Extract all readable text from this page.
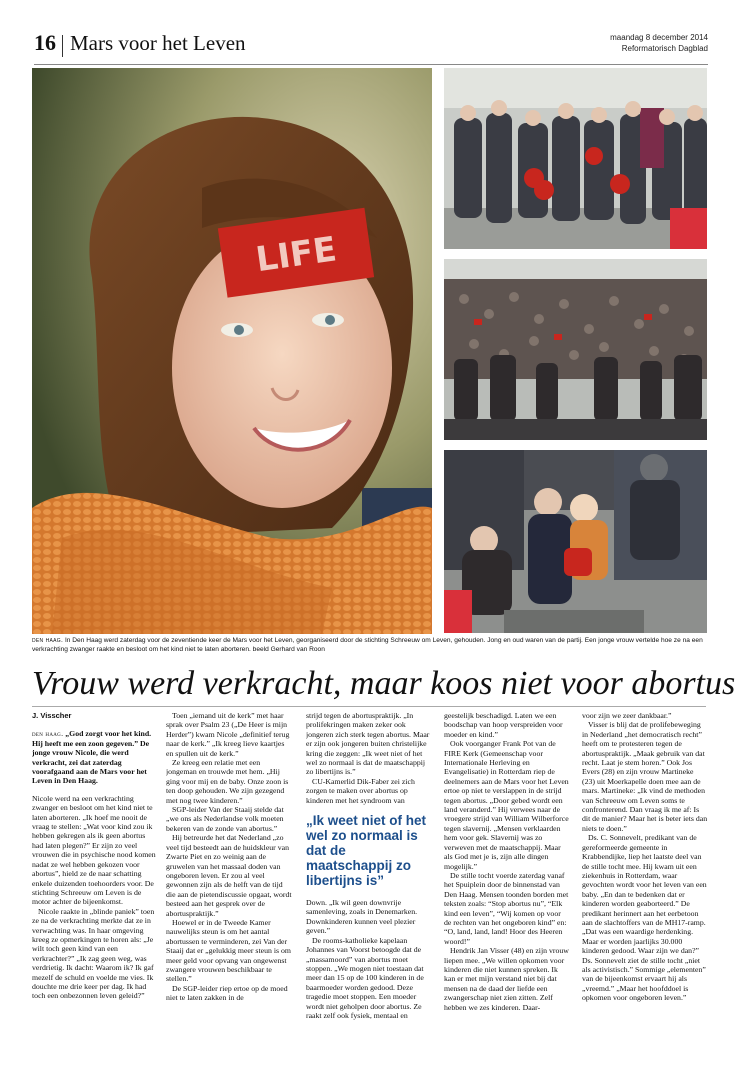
16 Mars voor het Leven	maandag 8 december 2014
Reformatorisch Dagblad
LIFE
den haag. In Den Haag werd zaterdag voor de zeventiende keer de Mars voor het Leven, georganiseerd door de stichting Schreeuw om Leven, gehouden. Jong en oud waren van de partij. Een jonge vrouw vertelde hoe ze na een verkrachting zwanger raakte en besloot om het kind niet te laten aborteren. beeld Gerhard van Roon
Vrouw werd verkracht, maar koos niet voor abortus
J. Visscher

den haag. „God zorgt voor het kind. Hij heeft me een zoon gegeven.” De jonge vrouw Nicole, die werd verkracht, zei dat zaterdag voorafgaand aan de Mars voor het Leven in Den Haag.

Nicole werd na een verkrachting zwanger en besloot om het kind niet te laten aborteren. „Ik hoef me nooit de vraag te stellen: „Wat voor kind zou ik hebben gekregen als ik geen abortus had laten plegen?” Er zijn zo veel vrouwen die in psychische nood komen nadat ze wel hebben gekozen voor abortus”, hield ze de naar schatting enkele duizenden toehoorders voor. De stichting Schreeuw om Leven is de motor achter de bijeenkomst.

Nicole raakte in „blinde paniek” toen ze na de verkrachting merkte dat ze in verwachting was. In haar omgeving kreeg ze opmerkingen te horen als: „Je wilt toch geen kind van een verkrachter?” „Ik zag geen weg, was verdrietig. Ik dacht: Waarom ik? Ik gaf mezelf de schuld en voelde me vies. Ik douchte me drie keer per dag. Ik had toch een onbezonnen leven geleid?”

Toen „iemand uit de kerk” met haar sprak over Psalm 23 („De Heer is mijn Herder”) kwam Nicole „definitief terug naar de kerk.” „Ik kreeg lieve kaartjes en spullen uit de kerk.”

Ze kreeg een relatie met een jongeman en trouwde met hem. „Hij ging voor mij en de baby. Onze zoon is ten doop gehouden. We zijn gezegend met nog twee kinderen.”

SGP-leider Van der Staaij stelde dat „we ons als Nederlandse volk moeten bekeren van de zonde van abortus.”

Hij betreurde het dat Nederland „zo veel tijd besteedt aan de huidskleur van Zwarte Piet en zo weinig aan de gruwelen van het massaal doden van ongeboren leven. Er zou al veel gewonnen zijn als de helft van de tijd die aan de pietendiscussie opgaat, wordt besteed aan het gesprek over de abortuspraktijk.”

Hoewel er in de Tweede Kamer nauwelijks steun is om het aantal abortussen te verminderen, zei Van der Staaij dat er „gelukkig meer steun is om meer geld voor opvang van ongewenst zwangere vrouwen beschikbaar te stellen.”

De SGP-leider riep ertoe op de moed niet te laten zakken in de

strijd tegen de abortuspraktijk. „In prolifekringen maken zeker ook jongeren zich sterk tegen abortus. Maar er zijn ook jongeren buiten christelijke kring die zeggen: „Ik weet niet of het wel zo normaal is dat de maatschappij zo libertijns is.”

CU-Kamerlid Dik-Faber zei zich zorgen te maken over abortus op kinderen met het syndroom van

„Ik weet niet of het wel zo normaal is dat de maatschappij zo libertijns is”

Down. „Ik wil geen downvrije samenleving, zoals in Denemarken. Downkinderen kunnen veel plezier geven.”

De rooms-katholieke kapelaan Johannes van Voorst betoogde dat de „massamoord” van abortus moet stoppen. „We mogen niet toestaan dat meer dan 15 op de 100 kinderen in de baarmoeder worden gedood. Deze tragedie moet stoppen. Een moeder wordt niet geholpen door abortus. Ze raakt zelf ook fysiek, mentaal en

geestelijk beschadigd. Laten we een boodschap van hoop verspreiden voor moeder en kind.”

Ook voorganger Frank Pot van de FIRE Kerk (Gemeenschap voor Internationale Herleving en Evangelisatie) in Rotterdam riep de deelnemers aan de Mars voor het Leven ertoe op niet te verslappen in de strijd tegen abortus. „Door gebed wordt een land veranderd.” Hij verwees naar de vroegere strijd van William Wilberforce tegen slavernij. „Mensen verklaarden hem voor gek. Slavernij was zo verweven met de maatschappij. Maar als God met je is, zijn alle dingen mogelijk.”

De stille tocht voerde zaterdag vanaf het Spuiplein door de binnenstad van Den Haag. Mensen toonden borden met teksten zoals: “Stop abortus nu”, “Elk kind een leven”, “Wij komen op voor de rechten van het ongeboren kind” en: “O, land, land, land! Hoor des Heeren woord!”

Hendrik Jan Visser (48) en zijn vrouw liepen mee. „We willen opkomen voor kinderen die niet kunnen spreken. Ik kan er met mijn verstand niet bij dat mensen na de daad der liefde een zwangerschap niet zien zitten. Zelf hebben we zes kinderen. Daar-

voor zijn we zeer dankbaar.”

Visser is blij dat de prolifebeweging in Nederland „het democratisch recht” heeft om te protesteren tegen de abortuspraktijk. „Maak gebruik van dat recht. Laat je stem horen.” Ook Jos Evers (28) en zijn vrouw Martineke (23) uit Moerkapelle doen mee aan de mars. Martineke: „Ik vind de methoden van Schreeuw om Leven soms te confronterend. Dan vraag ik me af: Is dit de manier? Maar het is beter iets dan niets te doen.”

Ds. C. Sonnevelt, predikant van de gereformeerde gemeente in Krabbendijke, liep het laatste deel van de stille tocht mee. Hij kwam uit een ziekenhuis in Rotterdam, waar gevochten wordt voor het leven van een baby. „En dan te bedenken dat er kinderen worden geaborteerd.” De predikant herinnert aan het eerbetoon aan de slachtoffers van de MH17-ramp. „Dat was een waardige herdenking. Maar er worden jaarlijks 30.000 kinderen gedood. Waar zijn we dan?” Ds. Sonnevelt ziet de stille tocht „niet als activistisch.” Sommige „elementen” van de bijeenkomst ervaart hij als „vreemd.” „Maar het hoofddoel is opkomen voor ongeboren leven.”
